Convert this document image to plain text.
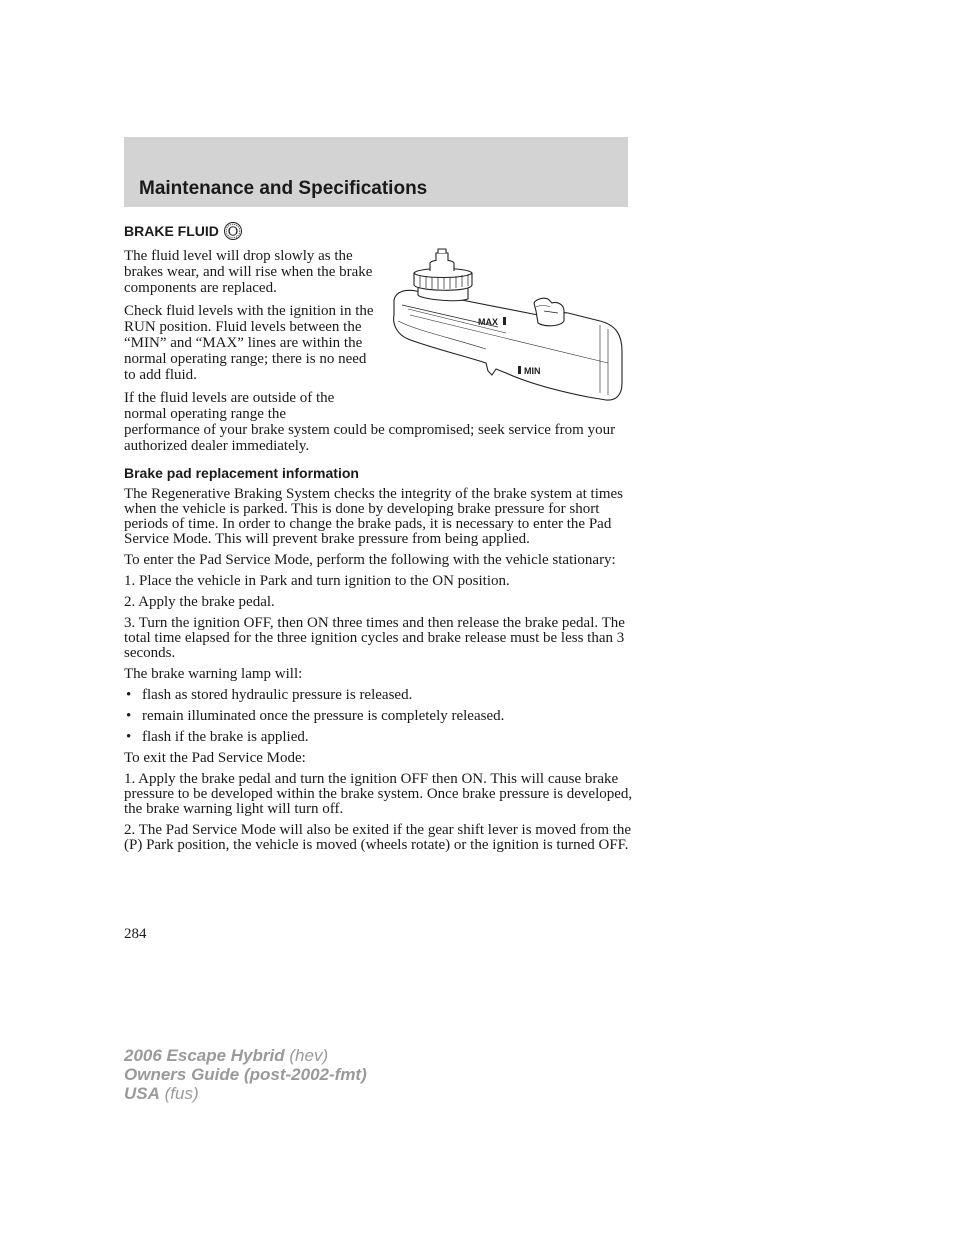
Maintenance and Specifications
BRAKE FLUID

The fluid level will drop slowly as the brakes wear, and will rise when the brake components are replaced.

Check fluid levels with the ignition in the RUN position. Fluid levels between the “MIN” and “MAX” lines are within the normal operating range; there is no need to add fluid.

If the fluid levels are outside of the normal operating range the

performance of your brake system could be compromised; seek service from your authorized dealer immediately.
MAX
MIN
Brake pad replacement information

The Regenerative Braking System checks the integrity of the brake system at times when the vehicle is parked. This is done by developing brake pressure for short periods of time. In order to change the brake pads, it is necessary to enter the Pad Service Mode. This will prevent brake pressure from being applied.

To enter the Pad Service Mode, perform the following with the vehicle stationary:

1. Place the vehicle in Park and turn ignition to the ON position.

2. Apply the brake pedal.

3. Turn the ignition OFF, then ON three times and then release the brake pedal. The total time elapsed for the three ignition cycles and brake release must be less than 3 seconds.

The brake warning lamp will:

• flash as stored hydraulic pressure is released.
• remain illuminated once the pressure is completely released.
• flash if the brake is applied.

To exit the Pad Service Mode:

1. Apply the brake pedal and turn the ignition OFF then ON. This will cause brake pressure to be developed within the brake system. Once brake pressure is developed, the brake warning light will turn off.

2. The Pad Service Mode will also be exited if the gear shift lever is moved from the (P) Park position, the vehicle is moved (wheels rotate) or the ignition is turned OFF.

284
2006 Escape Hybrid (hev)
Owners Guide (post-2002-fmt)
USA (fus)
